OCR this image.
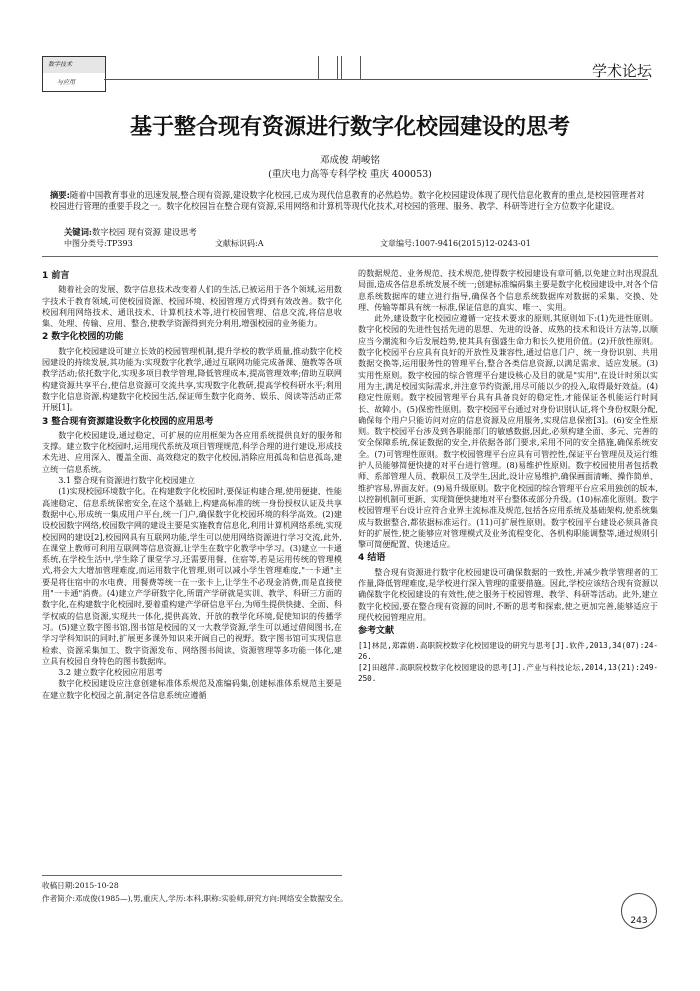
数字技术
与应用
学术论坛
基于整合现有资源进行数字化校园建设的思考
邓成俊 胡峻铭
(重庆电力高等专科学校 重庆 400053)
摘要:随着中国教育事业的迅速发展,整合现有资源,建设数字化校园,已成为现代信息教育的必然趋势。数字化校园建设体现了现代信息化教育的重点,是校园管理者对校园进行管理的重要手段之一。数字化校园旨在整合现有资源,采用网络和计算机等现代化技术,对校园的管理、服务、教学、科研等进行全方位数字化建设。
关键词:数字校园 现有资源 建设思考
中图分类号:TP393	文献标识码:A	文章编号:1007-9416(2015)12-0243-01
1 前言

随着社会的发展、数字信息技术改变着人们的生活,已被运用于各个领域,运用数字技术于教育领域,可使校园资源、校园环境、校园管理方式得到有效改善。数字化校园利用网络技术、通讯技术、计算机技术等,进行校园管理、信息交流,将信息收集、处理、传输、应用、整合,使教学资源得到充分利用,增强校园的业务能力。

2 数字化校园的功能

数字化校园建设可建立长效的校园管理机制,提升学校的教学质量,推动数字化校园建设的持续发展,其功能为:实现数字化教学,通过互联网功能完成备课、施教等各项教学活动;依托数字化,实现多项目教学管理,降低管理成本,提高管理效率;借助互联网构建资源共享平台,使信息资源可交流共享,实现数字化教研,提高学校科研水平;利用数字化信息资源,构建数字化校园生活,保证师生数字化商务、娱乐、阅读等活动正常开展[1]。

3 整合现有资源建设数字化校园的应用思考

数字化校园建设,通过稳定、可扩展的应用框架为各应用系统提供良好的服务和支撑。建立数字化校园时,运用现代系统及项目管理规范,科学合理的进行建设,形成技术先进、应用深入、覆盖全面、高效稳定的数字化校园,消除应用孤岛和信息孤岛,建立统一信息系统。

3.1 整合现有资源进行数字化校园建立

(1)实现校园环境数字化。在构建数字化校园时,要保证构建合理,使用便捷、性能高速稳定、信息系统保密安全,在这个基础上,构建高标准的统一身份授权认证及共享数据中心,形成统一集成用户平台,统一门户,确保数字化校园环境的科学高效。(2)建设校园数字网络,校园数字网的建设主要是实施教育信息化,利用计算机网络系统,实现校园网的建设[2],校园网具有互联网功能,学生可以使用网络资源进行学习交流,此外,在课堂上教师可利用互联网等信息资源,让学生在数字化教学中学习。(3)建立一卡通系统,在学校生活中,学生除了课堂学习,还需要用餐、住宿等,若是运用传统的管理模式,将会大大增加管理难度,而运用数字化管理,则可以减小学生管理难度,"一卡通"主要是将住宿中的水电费、用餐费等统一在一张卡上,让学生不必现金消费,而是直接使用"一卡通"消费。(4)建立产学研数字化,所谓产学研就是实训、教学、科研三方面的数字化,在构建数字化校园时,要着重构建产学研信息平台,为师生提供快捷、全面、科学权威的信息资源,实现共一体化,提供高效、开放的教学化环境,促使知识的传播学习。(5)建立数字图书馆,图书馆是校园的又一大教学资源,学生可以通过借阅图书,在学习学科知识的同时,扩展更多课外知识来开阔自己的视野。数字图书馆可实现信息检索、资源采集加工、数字资源发布、网络图书阅读、资源管理等多功能一体化,建立具有校园自身特色的图书数据库。

3.2 建立数字化校园应用思考

数字化校园建设应注意创建标准体系规范及准编码集,创建标准体系规范主要是在建立数字化校园之前,制定各信息系统应遵循

的数据规范、业务规范、技术规范,使得数字校园建设有章可循,以免建立时出现混乱局面,造成各信息系统发展不统一;创建标准编码集主要是数字化校园建设中,对各个信息系统数据库的建立进行指导,确保各个信息系统数据库对数据的采集、交换、处理、传输等都具有统一标准,保证信息的真实、唯一、实用。

此外,建设数字化校园应遵循一定技术要求的原则,其原则如下:(1)先进性原则。数字化校园的先进性包括先进的思想、先进的设备、成熟的技术和设计方法等,以顺应当今潮流和今后发展趋势,使其具有强盛生命力和长久使用价值。(2)开放性原则。数字化校园平台应具有良好的开放性及兼容性,通过信息门户、统一身份识别、共用数据交换等,运用服务性的管理平台,整合各类信息资源,以满足需求、适应发展。(3)实用性原则。数字校园的综合管理平台建设核心及目的就是"实用",在设计时须以实用为主,满足校园实际需求,并注意节约资源,用尽可能以少的投入,取得最好效益。(4)稳定性原则。数字校园管理平台具有具备良好的稳定性,才能保证各机能运行时间长、故障小。(5)保密性原则。数字校园平台通过对身份识别认证,将个身份权限分配,确保每个用户只能访问对应的信息资源及应用服务,实现信息保密[3]。(6)安全性原则。数字校园平台涉及到各职能部门的敏感数据,因此,必须构建全面、多元、完善的安全保障系统,保证数据的安全,并依据各部门要求,采用不同的安全措施,确保系统安全。(7)可管理性原则。数字校园管理平台应具有可管控性,保证平台管理员及运行维护人员能够简便快捷的对平台进行管理。(8)易维护性原则。数字校园使用者包括教师、系部管理人员、教职员工及学生,因此,设计应易维护,确保画面清晰、操作简单、维护容易,界面友好。(9)易升级原则。数字化校园的综合管理平台应采用独创的版本,以控制机制可更新、实现简便快捷地对平台整体或部分升级。(10)标准化原则。数字校园管理平台设计应符合业界主流标准及规范,包括各应用系统及基础架构,使系统集成与数据整合,都依据标准运行。(11)可扩展性原则。数字校园平台建设必须具备良好的扩展性,使之能够应对管理模式及业务流程变化、各机构职能调整等,通过规则引擎可简便配置、快速适应。

4 结语

整合现有资源进行数字化校园建设可确保数据的一致性,并减少教学管理者的工作量,降低管理难度,是学校进行深入管理的重要措施。因此,学校应该结合现有资源以确保数字化校园建设的有效性,使之服务于校园管理、教学、科研等活动。此外,建立数字化校园,要在整合现有资源的同时,不断的思考和探索,使之更加完善,能够适应于现代校园管理应用。

参考文献

[1]林昆,郑霖娟.高职院校数字化校园建设的研究与思考[J].软件,2013,34(07):24-26.

[2]田越萍.高职院校数字化校园建设的思考[J].产业与科技论坛,2014,13(21):249-250.

收稿日期:2015-10-28
作者简介:邓成俊(1985—),男,重庆人,学历:本科,职称:实验师,研究方向:网络安全数据安全。
243
